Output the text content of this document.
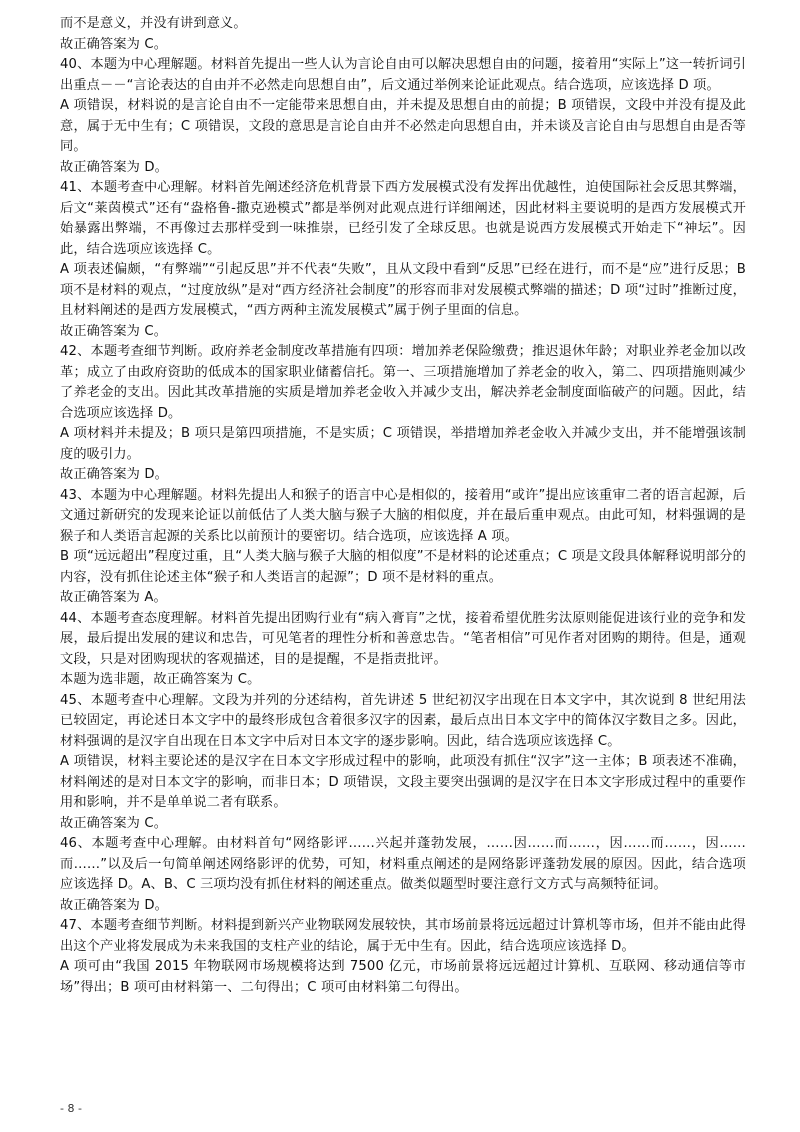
而不是意义，并没有讲到意义。

故正确答案为 C。

40、本题为中心理解题。材料首先提出一些人认为言论自由可以解决思想自由的问题，接着用“实际上”这一转折词引出重点－－“言论表达的自由并不必然走向思想自由”，后文通过举例来论证此观点。结合选项，应该选择 D 项。

A 项错误，材料说的是言论自由不一定能带来思想自由，并未提及思想自由的前提；B 项错误，文段中并没有提及此意，属于无中生有；C 项错误，文段的意思是言论自由并不必然走向思想自由，并未谈及言论自由与思想自由是否等同。

故正确答案为 D。

41、本题考查中心理解。材料首先阐述经济危机背景下西方发展模式没有发挥出优越性，迫使国际社会反思其弊端，后文“莱茵模式”还有“盎格鲁-撒克逊模式”都是举例对此观点进行详细阐述，因此材料主要说明的是西方发展模式开始暴露出弊端，不再像过去那样受到一味推崇，已经引发了全球反思。也就是说西方发展模式开始走下“神坛”。因此，结合选项应该选择 C。

A 项表述偏颇，“有弊端”“引起反思”并不代表“失败”，且从文段中看到“反思”已经在进行，而不是“应”进行反思；B 项不是材料的观点，“过度放纵”是对“西方经济社会制度”的形容而非对发展模式弊端的描述；D 项“过时”推断过度，且材料阐述的是西方发展模式，“西方两种主流发展模式”属于例子里面的信息。

故正确答案为 C。

42、本题考查细节判断。政府养老金制度改革措施有四项：增加养老保险缴费；推迟退休年龄；对职业养老金加以改革；成立了由政府资助的低成本的国家职业储蓄信托。第一、三项措施增加了养老金的收入，第二、四项措施则减少了养老金的支出。因此其改革措施的实质是增加养老金收入并减少支出，解决养老金制度面临破产的问题。因此，结合选项应该选择 D。

A 项材料并未提及；B 项只是第四项措施，不是实质；C 项错误，举措增加养老金收入并减少支出，并不能增强该制度的吸引力。

故正确答案为 D。

43、本题为中心理解题。材料先提出人和猴子的语言中心是相似的，接着用“或许”提出应该重审二者的语言起源，后文通过新研究的发现来论证以前低估了人类大脑与猴子大脑的相似度，并在最后重申观点。由此可知，材料强调的是猴子和人类语言起源的关系比以前预计的要密切。结合选项，应该选择 A 项。

B 项“远远超出”程度过重，且“人类大脑与猴子大脑的相似度”不是材料的论述重点；C 项是文段具体解释说明部分的内容，没有抓住论述主体“猴子和人类语言的起源”；D 项不是材料的重点。

故正确答案为 A。

44、本题考查态度理解。材料首先提出团购行业有“病入膏肓”之忧，接着希望优胜劣汰原则能促进该行业的竞争和发展，最后提出发展的建议和忠告，可见笔者的理性分析和善意忠告。“笔者相信”可见作者对团购的期待。但是，通观文段，只是对团购现状的客观描述，目的是提醒，不是指责批评。

本题为选非题，故正确答案为 C。

45、本题考查中心理解。文段为并列的分述结构，首先讲述 5 世纪初汉字出现在日本文字中，其次说到 8 世纪用法已较固定，再论述日本文字中的最终形成包含着很多汉字的因素，最后点出日本文字中的简体汉字数目之多。因此，材料强调的是汉字自出现在日本文字中后对日本文字的逐步影响。因此，结合选项应该选择 C。

A 项错误，材料主要论述的是汉字在日本文字形成过程中的影响，此项没有抓住“汉字”这一主体；B 项表述不准确，材料阐述的是对日本文字的影响，而非日本；D 项错误，文段主要突出强调的是汉字在日本文字形成过程中的重要作用和影响，并不是单单说二者有联系。

故正确答案为 C。

46、本题考查中心理解。由材料首句“网络影评……兴起并蓬勃发展，……因……而……，因……而……，因……而……”以及后一句简单阐述网络影评的优势，可知，材料重点阐述的是网络影评蓬勃发展的原因。因此，结合选项应该选择 D。A、B、C 三项均没有抓住材料的阐述重点。做类似题型时要注意行文方式与高频特征词。

故正确答案为 D。

47、本题考查细节判断。材料提到新兴产业物联网发展较快，其市场前景将远远超过计算机等市场，但并不能由此得出这个产业将发展成为未来我国的支柱产业的结论，属于无中生有。因此，结合选项应该选择 D。

A 项可由“我国 2015 年物联网市场规模将达到 7500 亿元，市场前景将远远超过计算机、互联网、移动通信等市场”得出；B 项可由材料第一、二句得出；C 项可由材料第二句得出。

- 8 -
